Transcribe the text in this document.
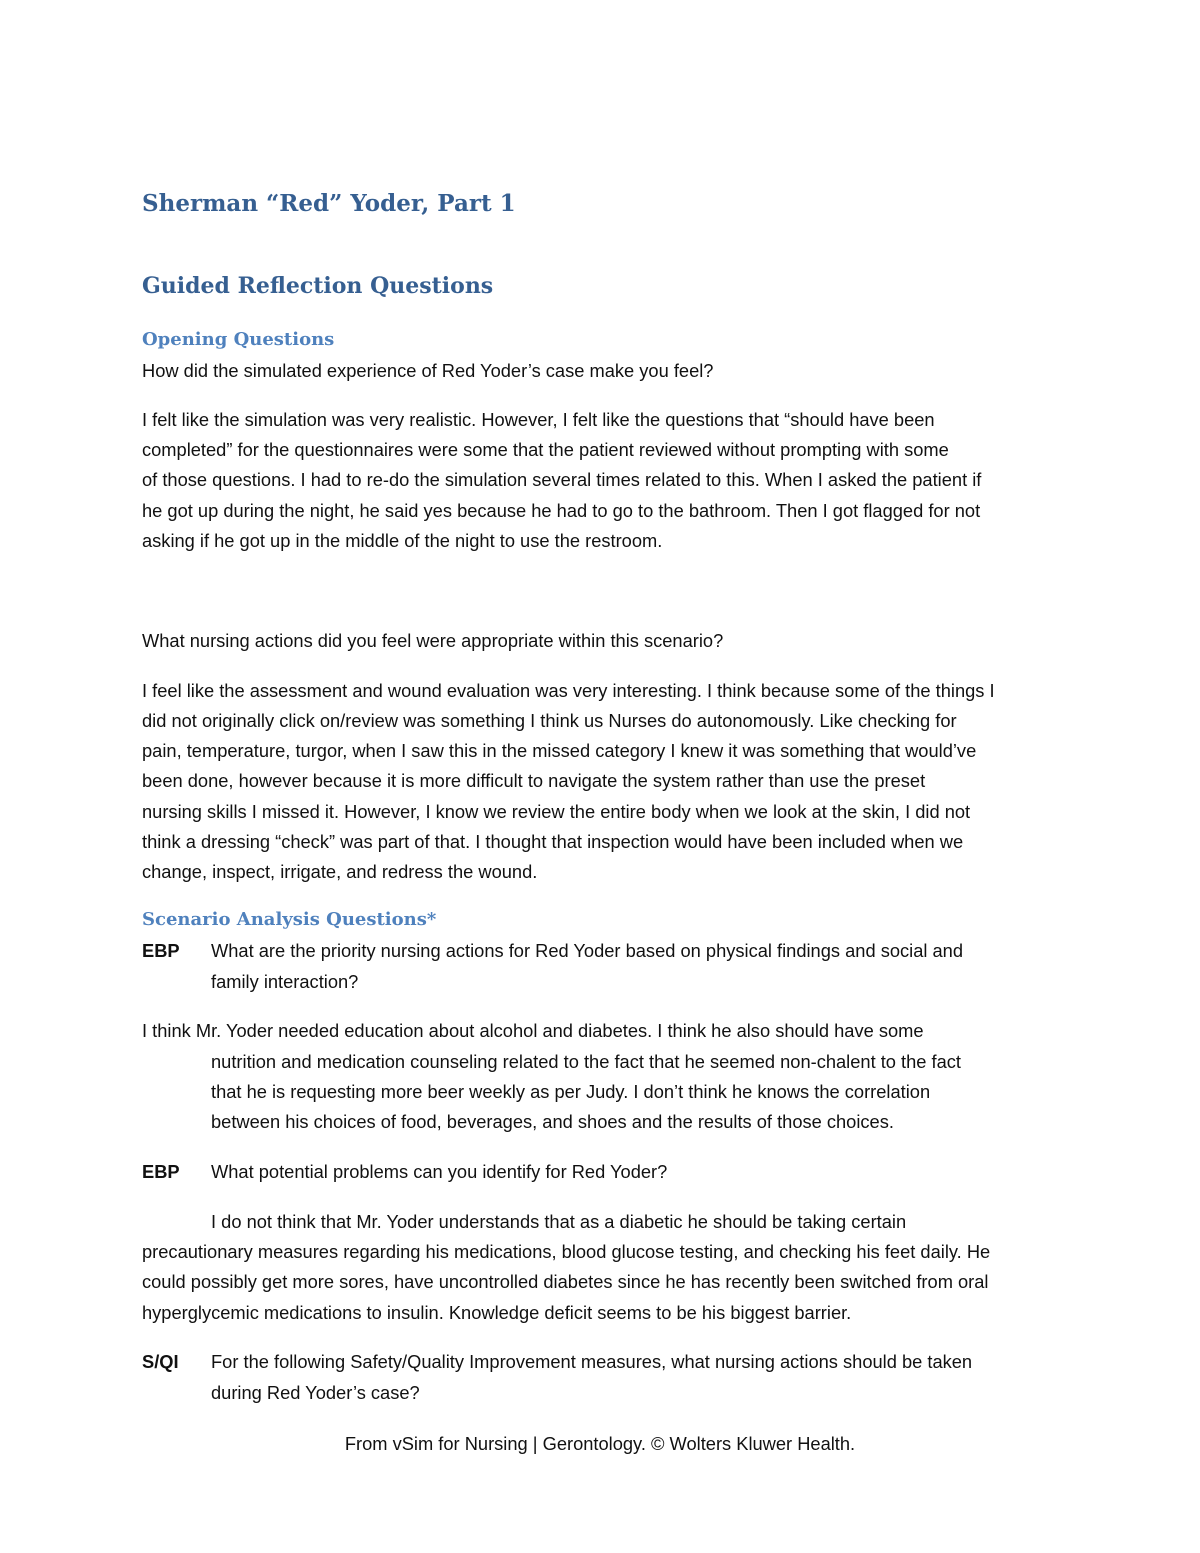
Sherman “Red” Yoder, Part 1
Guided Reflection Questions
Opening Questions
How did the simulated experience of Red Yoder’s case make you feel?
I felt like the simulation was very realistic. However, I felt like the questions that “should have been
completed” for the questionnaires were some that the patient reviewed without prompting with some
of those questions. I had to re-do the simulation several times related to this. When I asked the patient if
he got up during the night, he said yes because he had to go to the bathroom. Then I got flagged for not
asking if he got up in the middle of the night to use the restroom.
What nursing actions did you feel were appropriate within this scenario?
I feel like the assessment and wound evaluation was very interesting. I think because some of the things I
did not originally click on/review was something I think us Nurses do autonomously. Like checking for
pain, temperature, turgor, when I saw this in the missed category I knew it was something that would’ve
been done, however because it is more difficult to navigate the system rather than use the preset
nursing skills I missed it. However, I know we review the entire body when we look at the skin, I did not
think a dressing “check” was part of that. I thought that inspection would have been included when we
change, inspect, irrigate, and redress the wound.
Scenario Analysis Questions*
EBP What are the priority nursing actions for Red Yoder based on physical findings and social and
family interaction?
I think Mr. Yoder needed education about alcohol and diabetes. I think he also should have some
nutrition and medication counseling related to the fact that he seemed non-chalent to the fact
that he is requesting more beer weekly as per Judy. I don’t think he knows the correlation
between his choices of food, beverages, and shoes and the results of those choices.
EBP What potential problems can you identify for Red Yoder?
I do not think that Mr. Yoder understands that as a diabetic he should be taking certain
precautionary measures regarding his medications, blood glucose testing, and checking his feet daily. He
could possibly get more sores, have uncontrolled diabetes since he has recently been switched from oral
hyperglycemic medications to insulin. Knowledge deficit seems to be his biggest barrier.
S/QI For the following Safety/Quality Improvement measures, what nursing actions should be taken
during Red Yoder’s case?
From vSim for Nursing | Gerontology. © Wolters Kluwer Health.
